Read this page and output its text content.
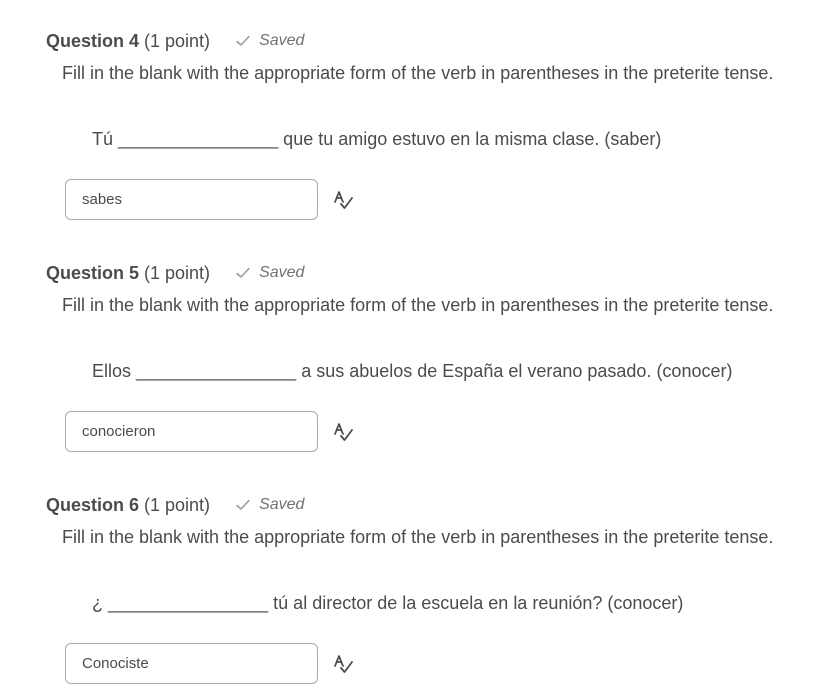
Question 4 (1 point)	Saved
Fill in the blank with the appropriate form of the verb in parentheses in the preterite tense.
Tú ________________ que tu amigo estuvo en la misma clase. (saber)
sabes
Question 5 (1 point)	Saved
Fill in the blank with the appropriate form of the verb in parentheses in the preterite tense.
Ellos ________________ a sus abuelos de España el verano pasado. (conocer)
conocieron
Question 6 (1 point)	Saved
Fill in the blank with the appropriate form of the verb in parentheses in the preterite tense.
¿ ________________ tú al director de la escuela en la reunión? (conocer)
Conociste
